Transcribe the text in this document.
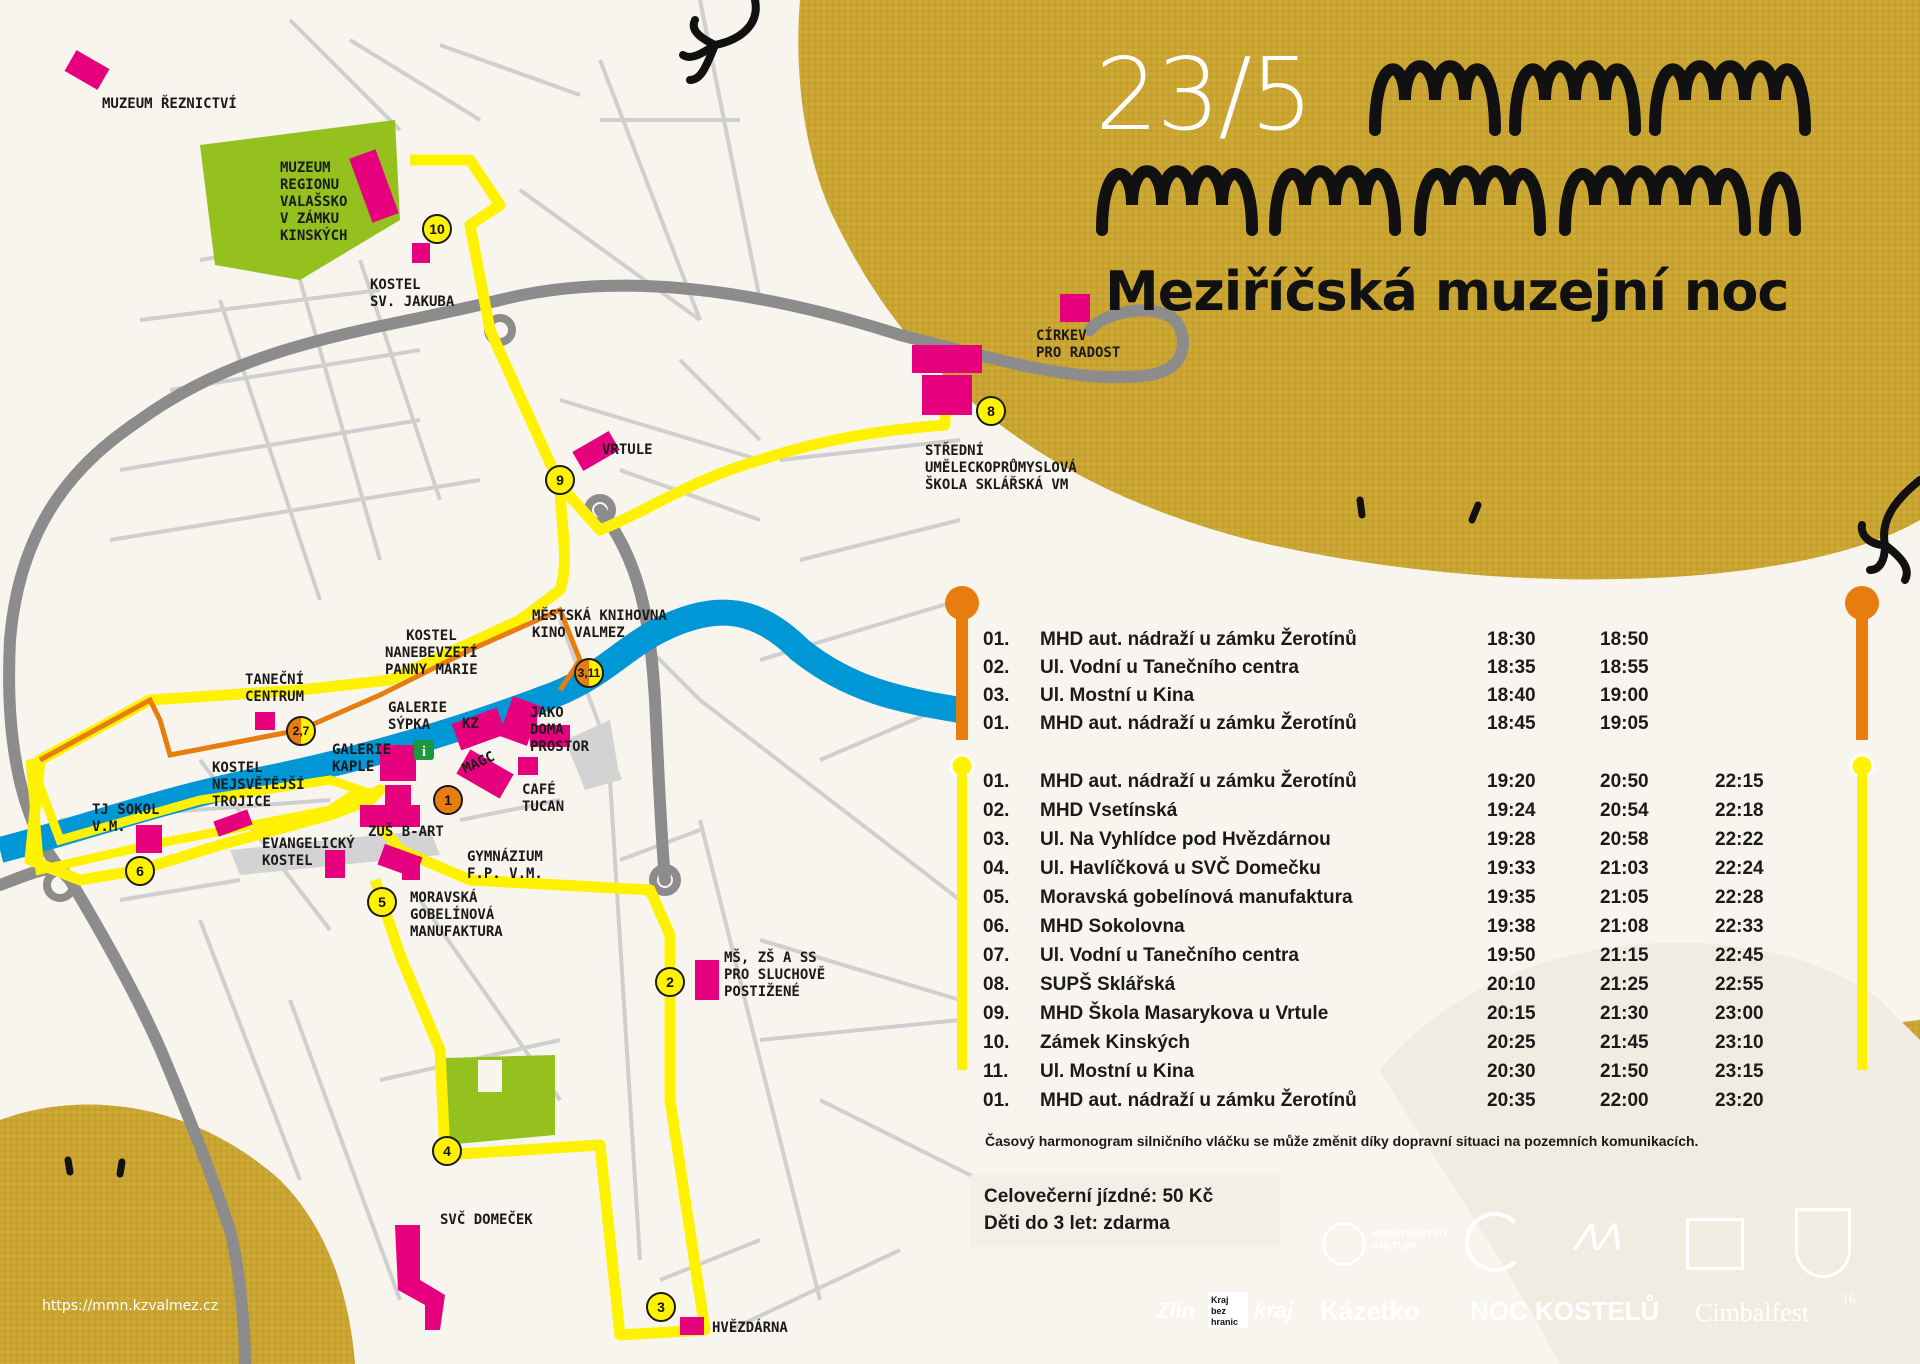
i
23/5
Meziříčská muzejní noc
MUZEUM ŘEZNICTVÍ
MUZEUM
REGIONU
VALAŠSKO
V ZÁMKU
KINSKÝCH
KOSTEL
SV. JAKUBA
CÍRKEV
PRO RADOST
VRTULE	STŘEDNÍ
UMĚLECKOPRŮMYSLOVÁ
ŠKOLA SKLÁŘSKÁ VM
MĚSTSKÁ KNIHOVNA
KINO VALMEZ
KOSTEL
NANEBEVZETÍ
PANNY MARIE
TANEČNÍ
CENTRUM
GALERIE
SÝPKA	KZ
JAKO
DOMA
PROSTOR
GALERIE
KAPLE	MAGC
CAFÉ
TUCAN
KOSTEL
NEJSVĚTĚJŠÍ
TROJICE
TJ SOKOL
V.M.	ZUŠ B-ART
EVANGELICKÝ
KOSTEL	GYMNÁZIUM
F.P. V.M.
MORAVSKÁ
GOBELÍNOVÁ
MANUFAKTURA
MŠ, ZŠ A SS
PRO SLUCHOVĚ
POSTIŽENÉ
SVČ DOMEČEK
HVĚZDÁRNA
10
8
9
3,11
2,7
1
6
5
2
4
3
01. MHD aut. nádraží u zámku Žerotínů	18:30	18:50
02. Ul. Vodní u Tanečního centra	18:35	18:55
03. Ul. Mostní u Kina	18:40	19:00
01. MHD aut. nádraží u zámku Žerotínů	18:45	19:05
01. MHD aut. nádraží u zámku Žerotínů	19:20	20:50	22:15
02. MHD Vsetínská	19:24	20:54	22:18
03. Ul. Na Vyhlídce pod Hvězdárnou	19:28	20:58	22:22
04. Ul. Havlíčková u SVČ Domečku	19:33	21:03	22:24
05. Moravská gobelínová manufaktura	19:35	21:05	22:28
06. MHD Sokolovna	19:38	21:08	22:33
07. Ul. Vodní u Tanečního centra	19:50	21:15	22:45
08. SUPŠ Sklářská	20:10	21:25	22:55
09. MHD Škola Masarykova u Vrtule	20:15	21:30	23:00
10. Zámek Kinských	20:25	21:45	23:10
11. Ul. Mostní u Kina	20:30	21:50	23:15
01. MHD aut. nádraží u zámku Žerotínů	20:35	22:00	23:20
Časový harmonogram silničního vláčku se může změnit díky dopravní situaci na pozemních komunikacích.
Celovečerní jízdné: 50 Kč
Děti do 3 let: zdarma
https://mmn.kzvalmez.cz
MINISTERSTVO KULTURY	⋀⋀
Zlín	Kraj bez hranic kraj Kázetko NOC KOSTELŮ Cimbalfest 16
